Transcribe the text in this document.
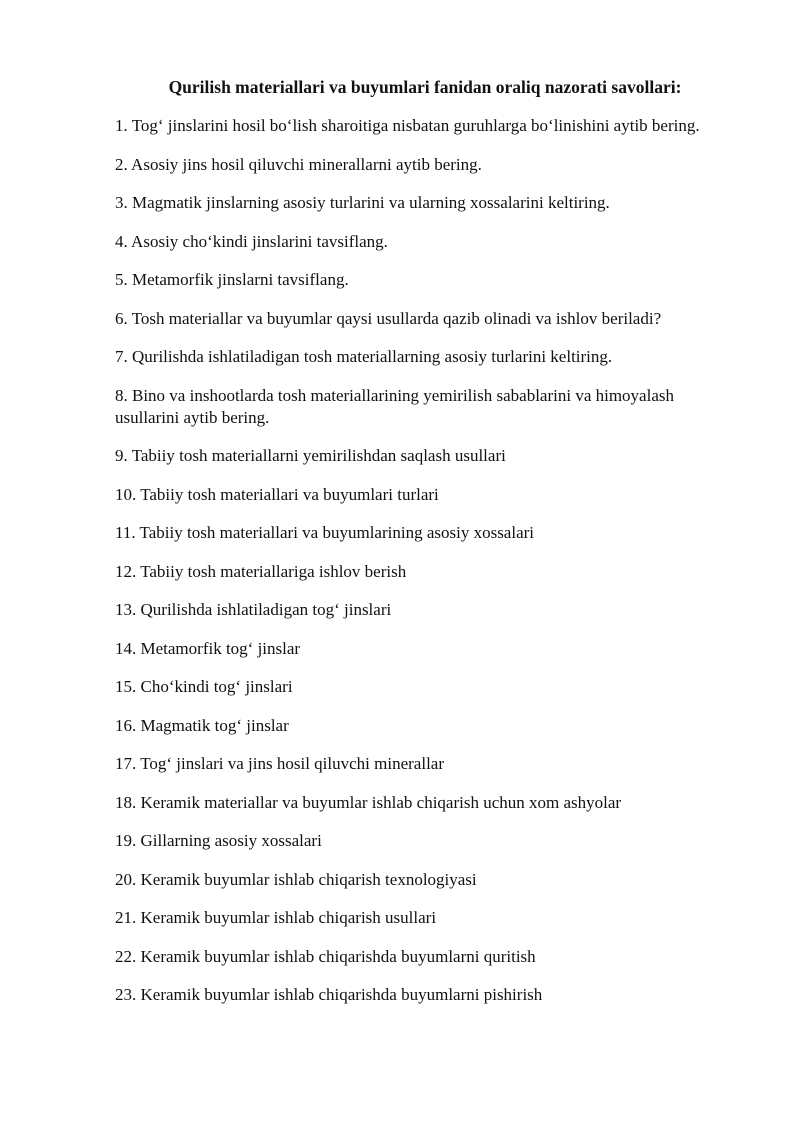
Qurilish materiallari va buyumlari fanidan oraliq nazorati savollari:
1. Tog‘ jinslarini hosil bo‘lish sharoitiga nisbatan guruhlarga bo‘linishini aytib bering.
2. Asosiy jins hosil qiluvchi minerallarni aytib bering.
3. Magmatik jinslarning asosiy turlarini va ularning xossalarini keltiring.
4. Asosiy cho‘kindi jinslarini tavsiflang.
5. Metamorfik jinslarni tavsiflang.
6. Tosh materiallar va buyumlar qaysi usullarda qazib olinadi va ishlov beriladi?
7. Qurilishda ishlatiladigan tosh materiallarning asosiy turlarini keltiring.
8. Bino va inshootlarda tosh materiallarining yemirilish sabablarini va himoyalash usullarini aytib bering.
9. Tabiiy tosh materiallarni yemirilishdan saqlash usullari
10. Tabiiy tosh materiallari va buyumlari turlari
11. Tabiiy tosh materiallari va buyumlarining asosiy xossalari
12. Tabiiy tosh materiallariga ishlov berish
13. Qurilishda ishlatiladigan tog‘ jinslari
14. Metamorfik tog‘ jinslar
15. Cho‘kindi tog‘ jinslari
16. Magmatik tog‘ jinslar
17. Tog‘ jinslari va jins hosil qiluvchi minerallar
18. Keramik materiallar va buyumlar ishlab chiqarish uchun xom ashyolar
19. Gillarning asosiy xossalari
20. Keramik buyumlar ishlab chiqarish texnologiyasi
21. Keramik buyumlar ishlab chiqarish usullari
22. Keramik buyumlar ishlab chiqarishda buyumlarni quritish
23. Keramik buyumlar ishlab chiqarishda buyumlarni pishirish
